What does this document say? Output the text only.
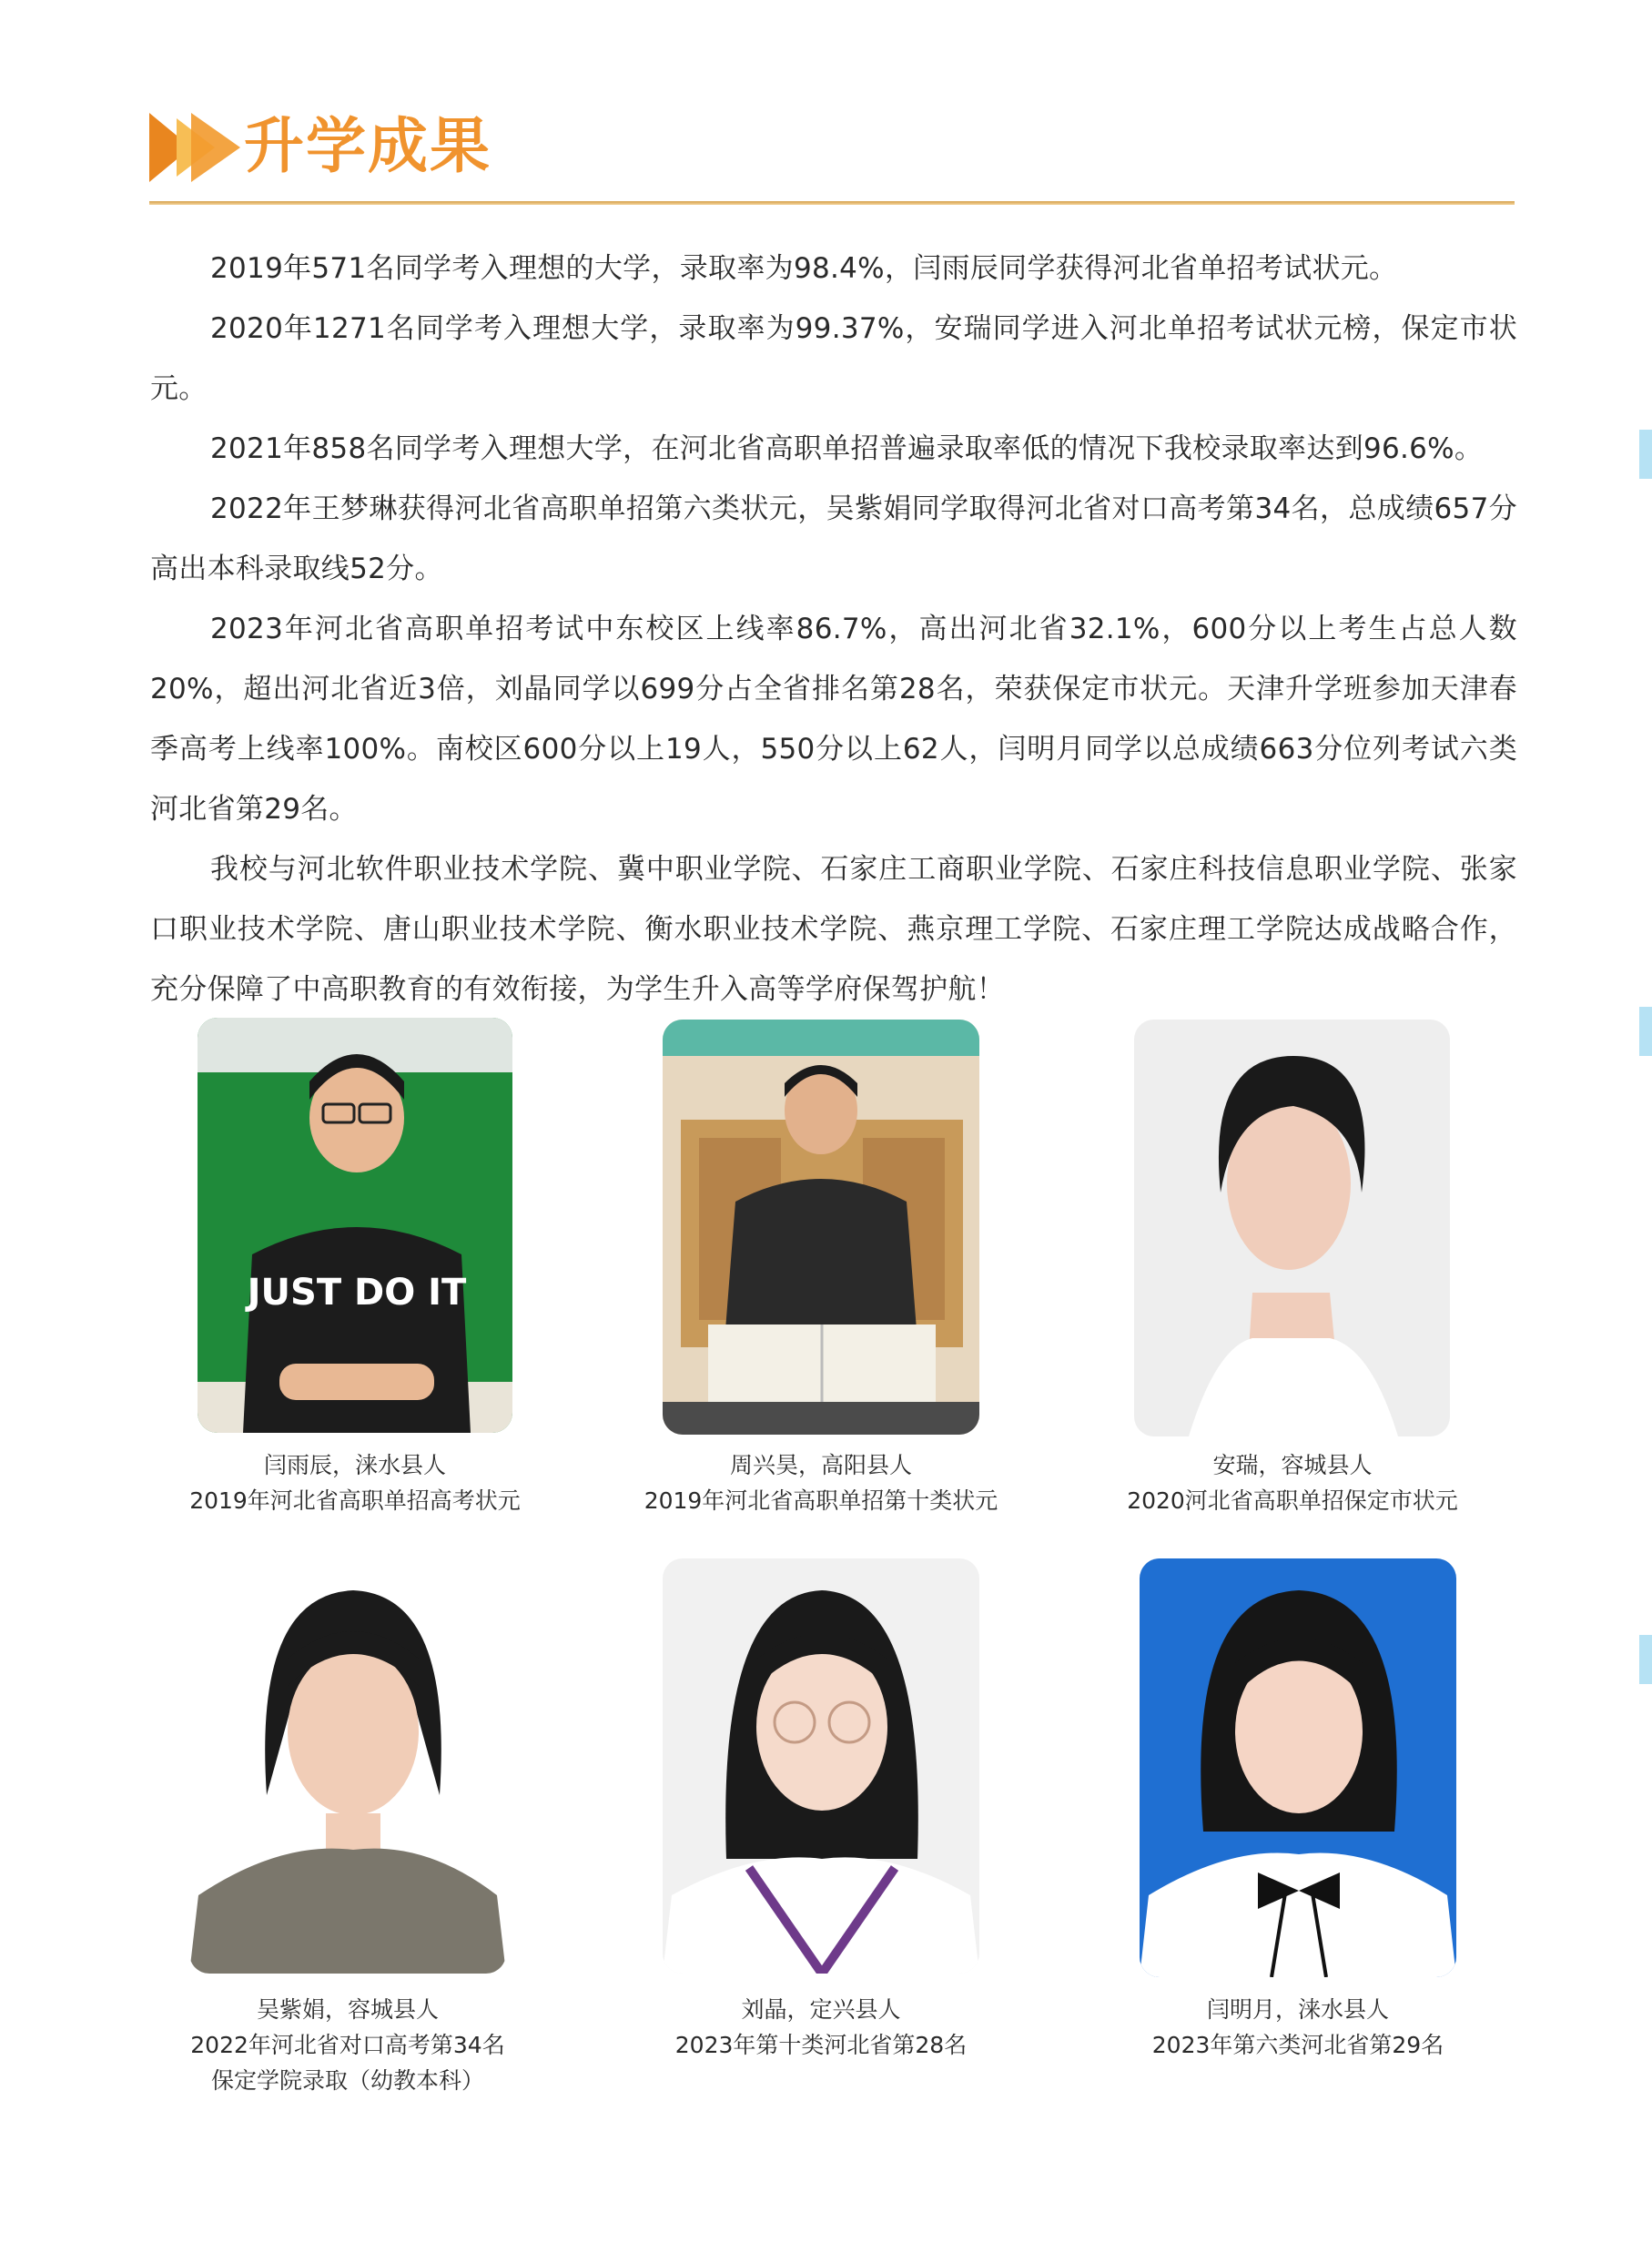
升学成果

2019年571名同学考入理想的大学，录取率为98.4%，闫雨辰同学获得河北省单招考试状元。

2020年1271名同学考入理想大学，录取率为99.37%，安瑞同学进入河北单招考试状元榜，保定市状元。

2021年858名同学考入理想大学，在河北省高职单招普遍录取率低的情况下我校录取率达到96.6%。

2022年王梦琳获得河北省高职单招第六类状元，吴紫娟同学取得河北省对口高考第34名，总成绩657分高出本科录取线52分。

2023年河北省高职单招考试中东校区上线率86.7%，高出河北省32.1%，600分以上考生占总人数20%，超出河北省近3倍，刘晶同学以699分占全省排名第28名，荣获保定市状元。天津升学班参加天津春季高考上线率100%。南校区600分以上19人，550分以上62人，闫明月同学以总成绩663分位列考试六类河北省第29名。

我校与河北软件职业技术学院、冀中职业学院、石家庄工商职业学院、石家庄科技信息职业学院、张家口职业技术学院、唐山职业技术学院、衡水职业技术学院、燕京理工学院、石家庄理工学院达成战略合作，充分保障了中高职教育的有效衔接，为学生升入高等学府保驾护航！

JUST DO IT
闫雨辰，涞水县人
2019年河北省高职单招高考状元
周兴昊，高阳县人
2019年河北省高职单招第十类状元
安瑞，容城县人
2020河北省高职单招保定市状元
吴紫娟，容城县人
2022年河北省对口高考第34名
保定学院录取（幼教本科）
刘晶，定兴县人
2023年第十类河北省第28名
闫明月，涞水县人
2023年第六类河北省第29名
